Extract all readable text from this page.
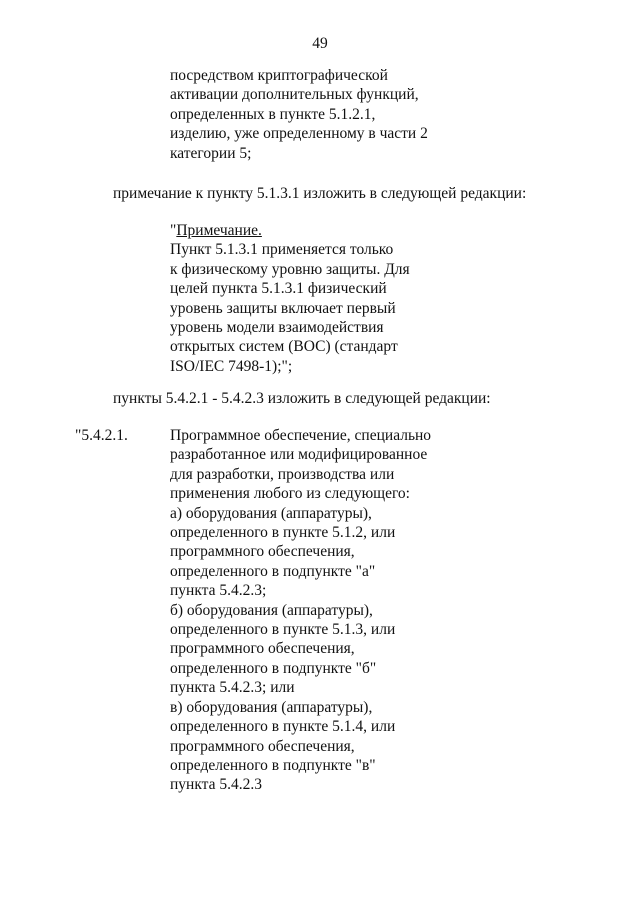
49
посредством криптографической
активации дополнительных функций,
определенных в пункте 5.1.2.1,
изделию, уже определенному в части 2
категории 5;
примечание к пункту 5.1.3.1 изложить в следующей редакции:
"Примечание.
Пункт 5.1.3.1 применяется только
к физическому уровню защиты. Для
целей пункта 5.1.3.1 физический
уровень защиты включает первый
уровень модели взаимодействия
открытых систем (ВОС) (стандарт
ISO/IEC 7498-1);";
пункты 5.4.2.1 - 5.4.2.3 изложить в следующей редакции:
"5.4.2.1.	Программное обеспечение, специально
разработанное или модифицированное
для разработки, производства или
применения любого из следующего:
а) оборудования (аппаратуры),
определенного в пункте 5.1.2, или
программного обеспечения,
определенного в подпункте "а"
пункта 5.4.2.3;
б) оборудования (аппаратуры),
определенного в пункте 5.1.3, или
программного обеспечения,
определенного в подпункте "б"
пункта 5.4.2.3; или
в) оборудования (аппаратуры),
определенного в пункте 5.1.4, или
программного обеспечения,
определенного в подпункте "в"
пункта 5.4.2.3
